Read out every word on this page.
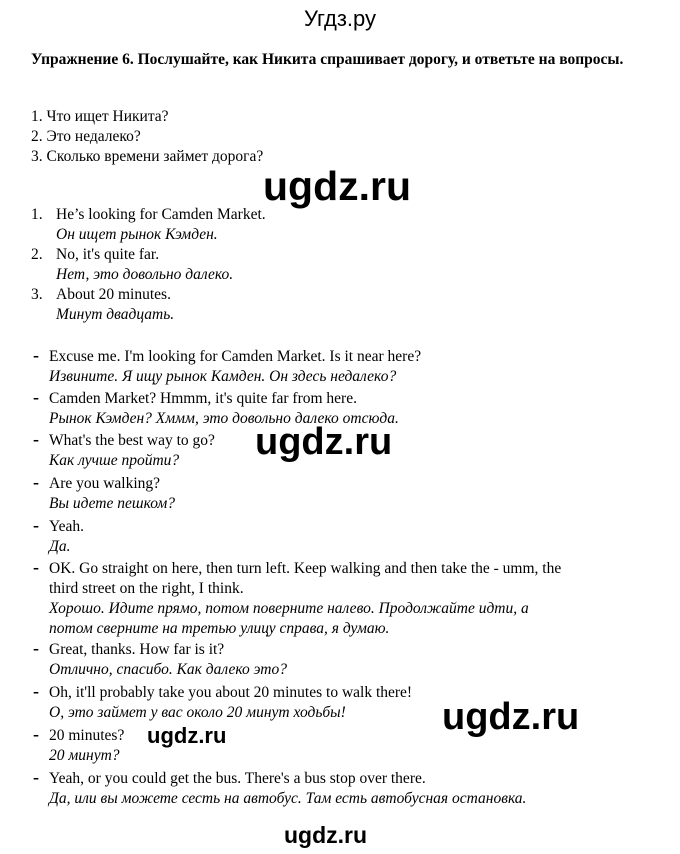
Угдз.ру
Упражнение 6. Послушайте, как Никита спрашивает дорогу, и ответьте на вопросы.
1. Что ищет Никита?
2. Это недалеко?
3. Сколько времени займет дорога?
ugdz.ru
1. He’s looking for Camden Market.
Он ищет рынок Кэмден.
2. No, it's quite far.
Нет, это довольно далеко.
3. About 20 minutes.
Минут двадцать.
- Excuse me. I'm looking for Camden Market. Is it near here?
Извините. Я ищу рынок Камден. Он здесь недалеко?
- Camden Market? Hmmm, it's quite far from here.
Рынок Кэмден? Хммм, это довольно далеко отсюда.
- What's the best way to go?
Как лучше пройти?
- Are you walking?
Вы идете пешком?
- Yeah.
Да.
- OK. Go straight on here, then turn left. Keep walking and then take the - umm, the
third street on the right, I think.
Хорошо. Идите прямо, потом поверните налево. Продолжайте идти, а
потом сверните на третью улицу справа, я думаю.
- Great, thanks. How far is it?
Отлично, спасибо. Как далеко это?
- Oh, it'll probably take you about 20 minutes to walk there!
О, это займет у вас около 20 минут ходьбы!
- 20 minutes?
20 минут?
- Yeah, or you could get the bus. There's a bus stop over there.
Да, или вы можете сесть на автобус. Там есть автобусная остановка.
ugdz.ru
ugdz.ru
ugdz.ru
ugdz.ru
